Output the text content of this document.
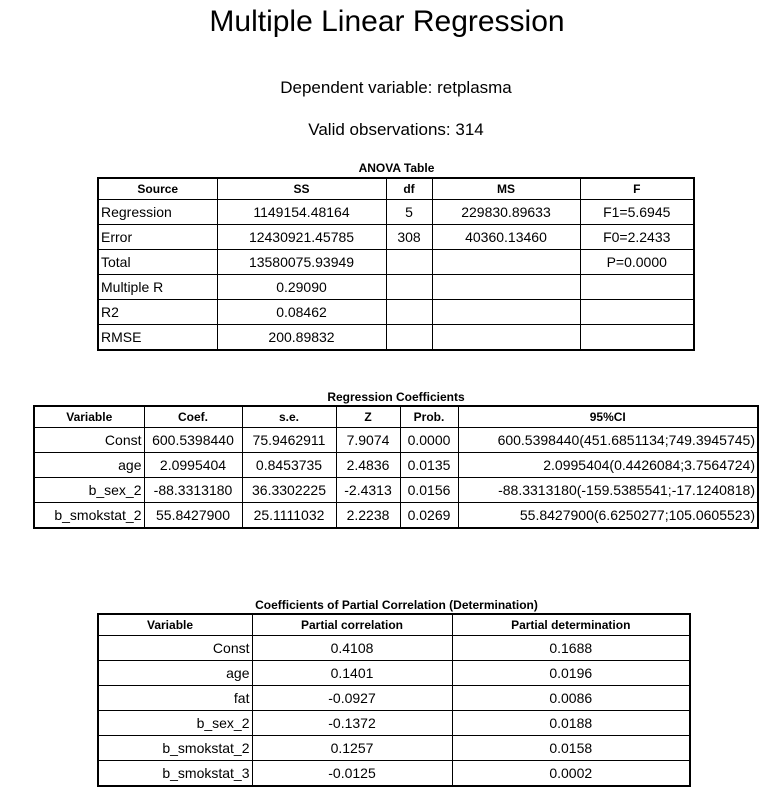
Multiple Linear Regression
Dependent variable: retplasma
Valid observations: 314
ANOVA Table
Source	SS	df	MS	F
Regression	1149154.48164	5	229830.89633	F1=5.6945
Error	12430921.45785	308	40360.13460	F0=2.2433
Total	13580075.93949			P=0.0000
Multiple R	0.29090			
R2	0.08462			
RMSE	200.89832			
Regression Coefficients
Variable	Coef.	s.e.	Z	Prob.	95%CI
Const	600.5398440	75.9462911	7.9074	0.0000	600.5398440(451.6851134;749.3945745)
age	2.0995404	0.8453735	2.4836	0.0135	2.0995404(0.4426084;3.7564724)
b_sex_2	-88.3313180	36.3302225	-2.4313	0.0156	-88.3313180(-159.5385541;-17.1240818)
b_smokstat_2	55.8427900	25.1111032	2.2238	0.0269	55.8427900(6.6250277;105.0605523)
Coefficients of Partial Correlation (Determination)
Variable	Partial correlation	Partial determination
Const	0.4108	0.1688
age	0.1401	0.0196
fat	-0.0927	0.0086
b_sex_2	-0.1372	0.0188
b_smokstat_2	0.1257	0.0158
b_smokstat_3	-0.0125	0.0002
